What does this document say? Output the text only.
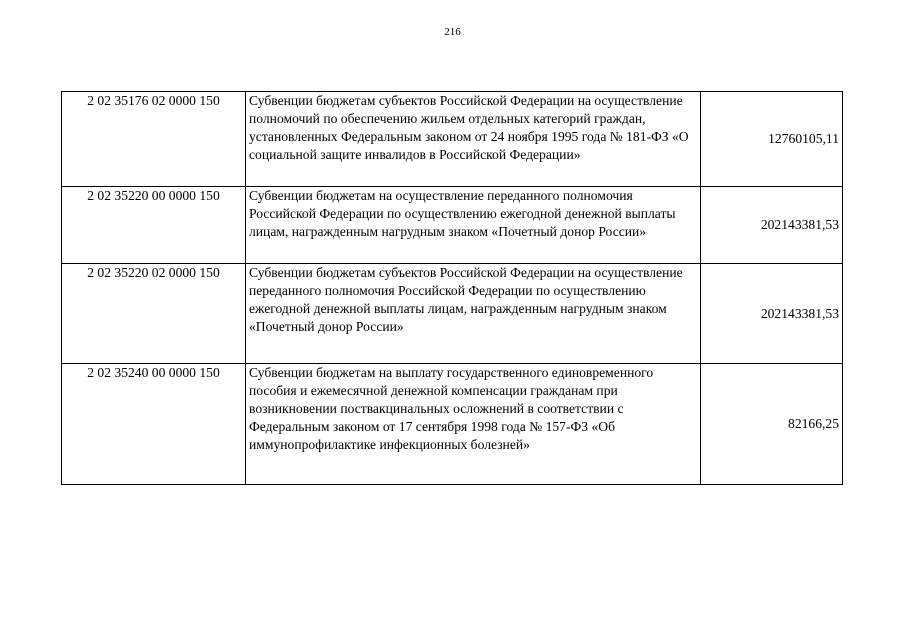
216
2 02 35176 02 0000 150	Субвенции бюджетам субъектов Российской Федерации на осуществление полномочий по обеспечению жильем отдельных категорий граждан, установленных Федеральным законом от 24 ноября 1995 года № 181-ФЗ «О социальной защите инвалидов в Российской Федерации»	12760105,11
2 02 35220 00 0000 150	Субвенции бюджетам на осуществление переданного полномочия Российской Федерации по осуществлению ежегодной денежной выплаты лицам, награжденным нагрудным знаком «Почетный донор России»	202143381,53
2 02 35220 02 0000 150	Субвенции бюджетам субъектов Российской Федерации на осуществление переданного полномочия Российской Федерации по осуществлению ежегодной денежной выплаты лицам, награжденным нагрудным знаком «Почетный донор России»	202143381,53
2 02 35240 00 0000 150	Субвенции бюджетам на выплату государственного единовременного пособия и ежемесячной денежной компенсации гражданам при возникновении поствакцинальных осложнений в соответствии с Федеральным законом от 17 сентября 1998 года № 157-ФЗ «Об иммунопрофилактике инфекционных болезней»	82166,25
